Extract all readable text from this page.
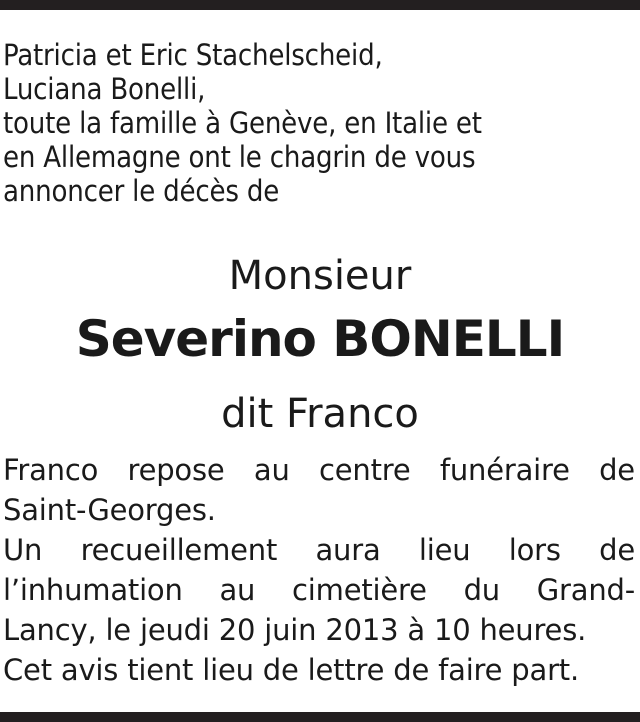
Patricia et Eric Stachelscheid,
Luciana Bonelli,
toute la famille à Genève, en Italie et
en Allemagne ont le chagrin de vous
annoncer le décès de
Monsieur
Severino BONELLI
dit Franco
Franco repose au centre funéraire de
Saint-Georges.
Un recueillement aura lieu lors de
l’inhumation au cimetière du Grand-
Lancy, le jeudi 20 juin 2013 à 10 heures.
Cet avis tient lieu de lettre de faire part.
